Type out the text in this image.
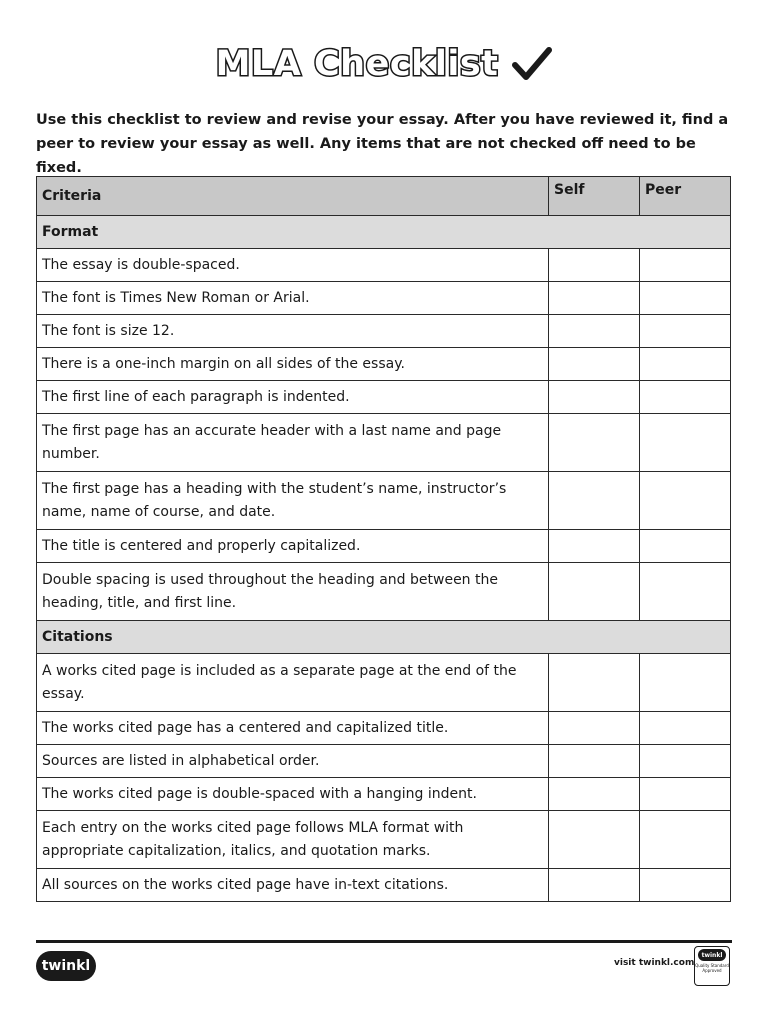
MLA Checklist
Use this checklist to review and revise your essay. After you have reviewed it, find a peer to review your essay as well. Any items that are not checked off need to be fixed.
Criteria	Self	Peer
Format		
The essay is double-spaced.		
The font is Times New Roman or Arial.		
The font is size 12.		
There is a one-inch margin on all sides of the essay.		
The first line of each paragraph is indented.		
The first page has an accurate header with a last name and page number.		
The first page has a heading with the student’s name, instructor’s name, name of course, and date.		
The title is centered and properly capitalized.		
Double spacing is used throughout the heading and between the heading, title, and first line.		
Citations		
A works cited page is included as a separate page at the end of the essay.		
The works cited page has a centered and capitalized title.		
Sources are listed in alphabetical order.		
The works cited page is double-spaced with a hanging indent.		
Each entry on the works cited page follows MLA format with appropriate capitalization, italics, and quotation marks.		
All sources on the works cited page have in-text citations.		
twinkl	visit twinkl.com
twinkl
Quality Standard Approved
